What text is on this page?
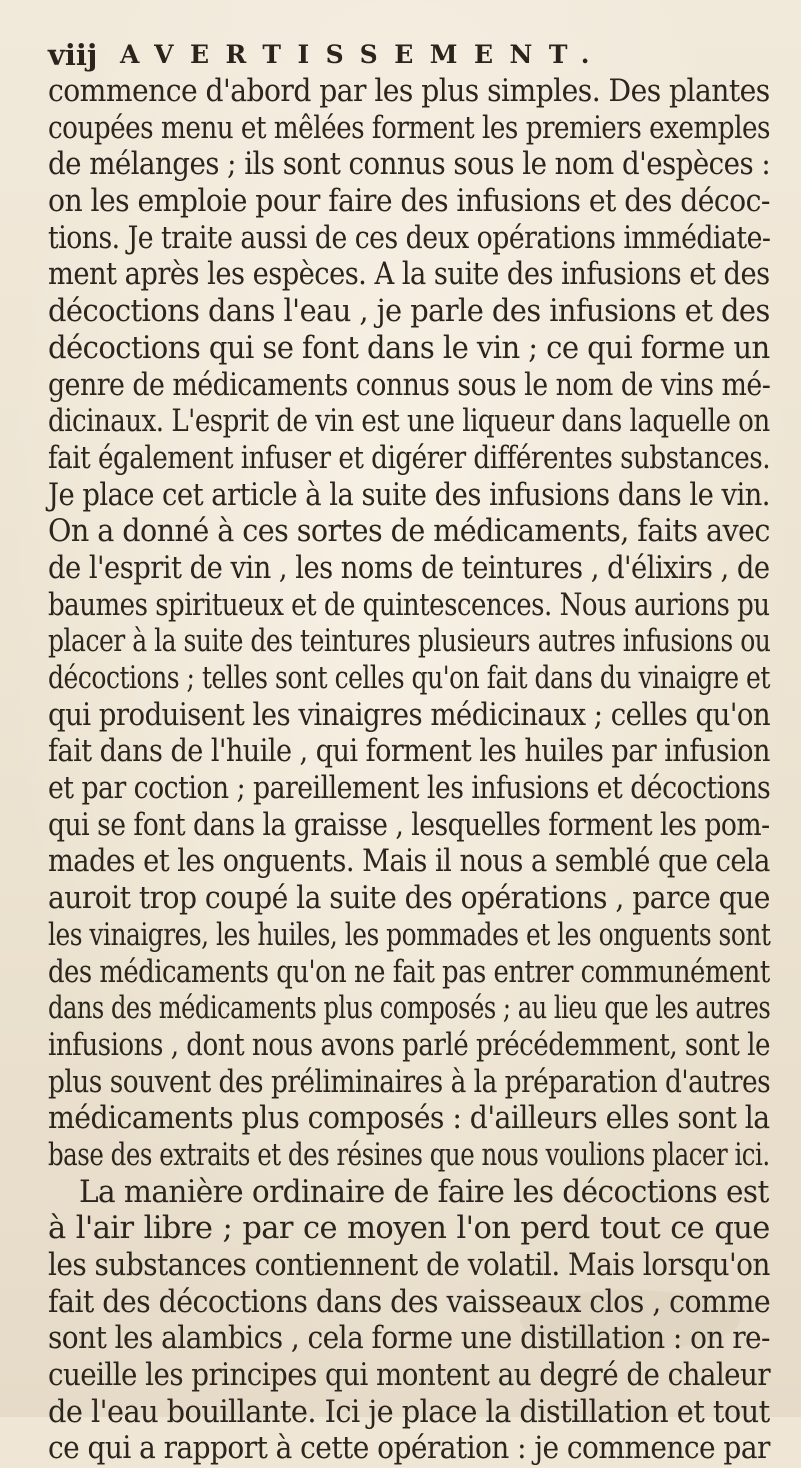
viij AVERTISSEMENT.
commence d'abord par les plus simples. Des plantes
coupées menu et mêlées forment les premiers exemples
de mélanges ; ils sont connus sous le nom d'espèces :
on les emploie pour faire des infusions et des décoc-
tions. Je traite aussi de ces deux opérations immédiate-
ment après les espèces. A la suite des infusions et des
décoctions dans l'eau , je parle des infusions et des
décoctions qui se font dans le vin ; ce qui forme un
genre de médicaments connus sous le nom de vins mé-
dicinaux. L'esprit de vin est une liqueur dans laquelle on
fait également infuser et digérer différentes substances.
Je place cet article à la suite des infusions dans le vin.
On a donné à ces sortes de médicaments, faits avec
de l'esprit de vin , les noms de teintures , d'élixirs , de
baumes spiritueux et de quintescences. Nous aurions pu
placer à la suite des teintures plusieurs autres infusions ou
décoctions ; telles sont celles qu'on fait dans du vinaigre et
qui produisent les vinaigres médicinaux ; celles qu'on
fait dans de l'huile , qui forment les huiles par infusion
et par coction ; pareillement les infusions et décoctions
qui se font dans la graisse , lesquelles forment les pom-
mades et les onguents. Mais il nous a semblé que cela
auroit trop coupé la suite des opérations , parce que
les vinaigres, les huiles, les pommades et les onguents sont
des médicaments qu'on ne fait pas entrer communément
dans des médicaments plus composés ; au lieu que les autres
infusions , dont nous avons parlé précédemment, sont le
plus souvent des préliminaires à la préparation d'autres
médicaments plus composés : d'ailleurs elles sont la
base des extraits et des résines que nous voulions placer ici.
La manière ordinaire de faire les décoctions est
à l'air libre ; par ce moyen l'on perd tout ce que
les substances contiennent de volatil. Mais lorsqu'on
fait des décoctions dans des vaisseaux clos , comme
sont les alambics , cela forme une distillation : on re-
cueille les principes qui montent au degré de chaleur
de l'eau bouillante. Ici je place la distillation et tout
ce qui a rapport à cette opération : je commence par
